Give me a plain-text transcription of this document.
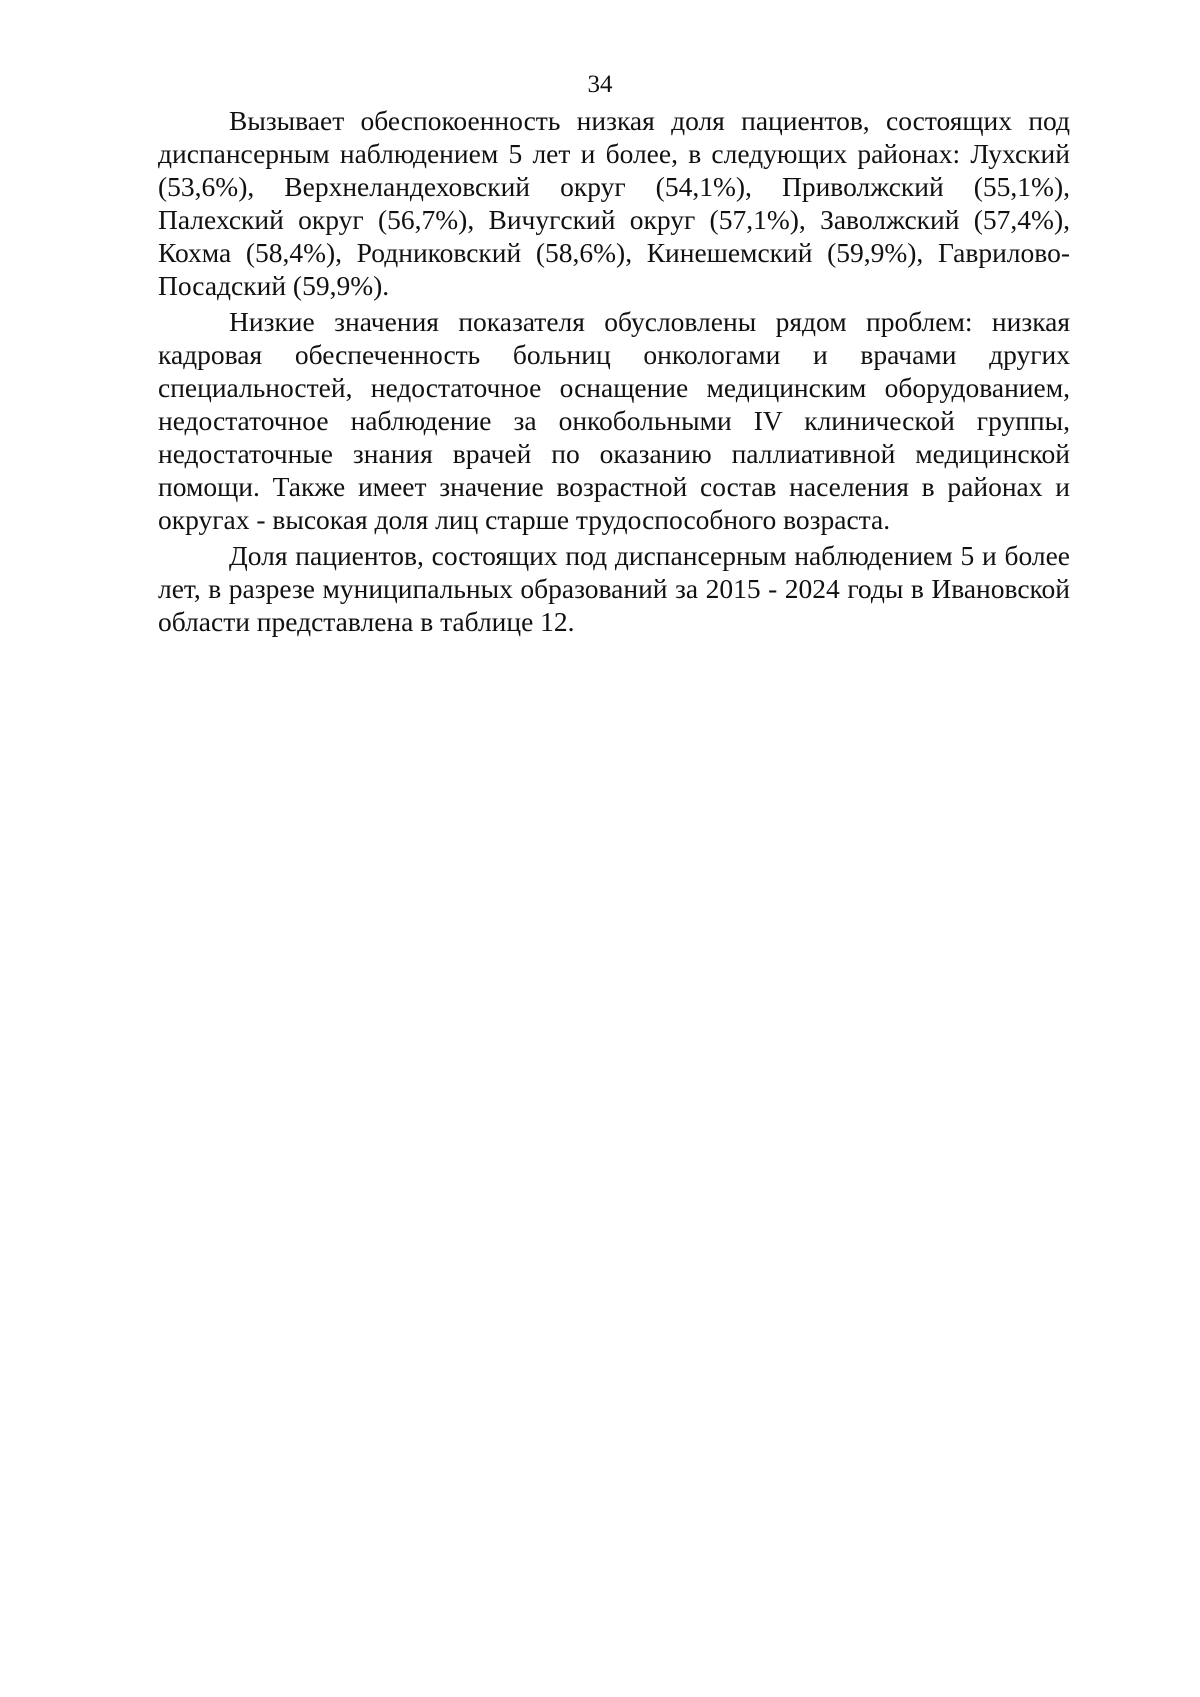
34

Вызывает обеспокоенность низкая доля пациентов, состоящих под диспансерным наблюдением 5 лет и более, в следующих районах: Лухский (53,6%), Верхнеландеховский округ (54,1%), Приволжский (55,1%), Палехский округ (56,7%), Вичугский округ (57,1%), Заволжский (57,4%), Кохма (58,4%), Родниковский (58,6%), Кинешемский (59,9%), Гаврилово-Посадский (59,9%).

Низкие значения показателя обусловлены рядом проблем: низкая кадровая обеспеченность больниц онкологами и врачами других специальностей, недостаточное оснащение медицинским оборудованием, недостаточное наблюдение за онкобольными IV клинической группы, недостаточные знания врачей по оказанию паллиативной медицинской помощи. Также имеет значение возрастной состав населения в районах и округах - высокая доля лиц старше трудоспособного возраста.

Доля пациентов, состоящих под диспансерным наблюдением 5 и более лет, в разрезе муниципальных образований за 2015 - 2024 годы в Ивановской области представлена в таблице 12.
